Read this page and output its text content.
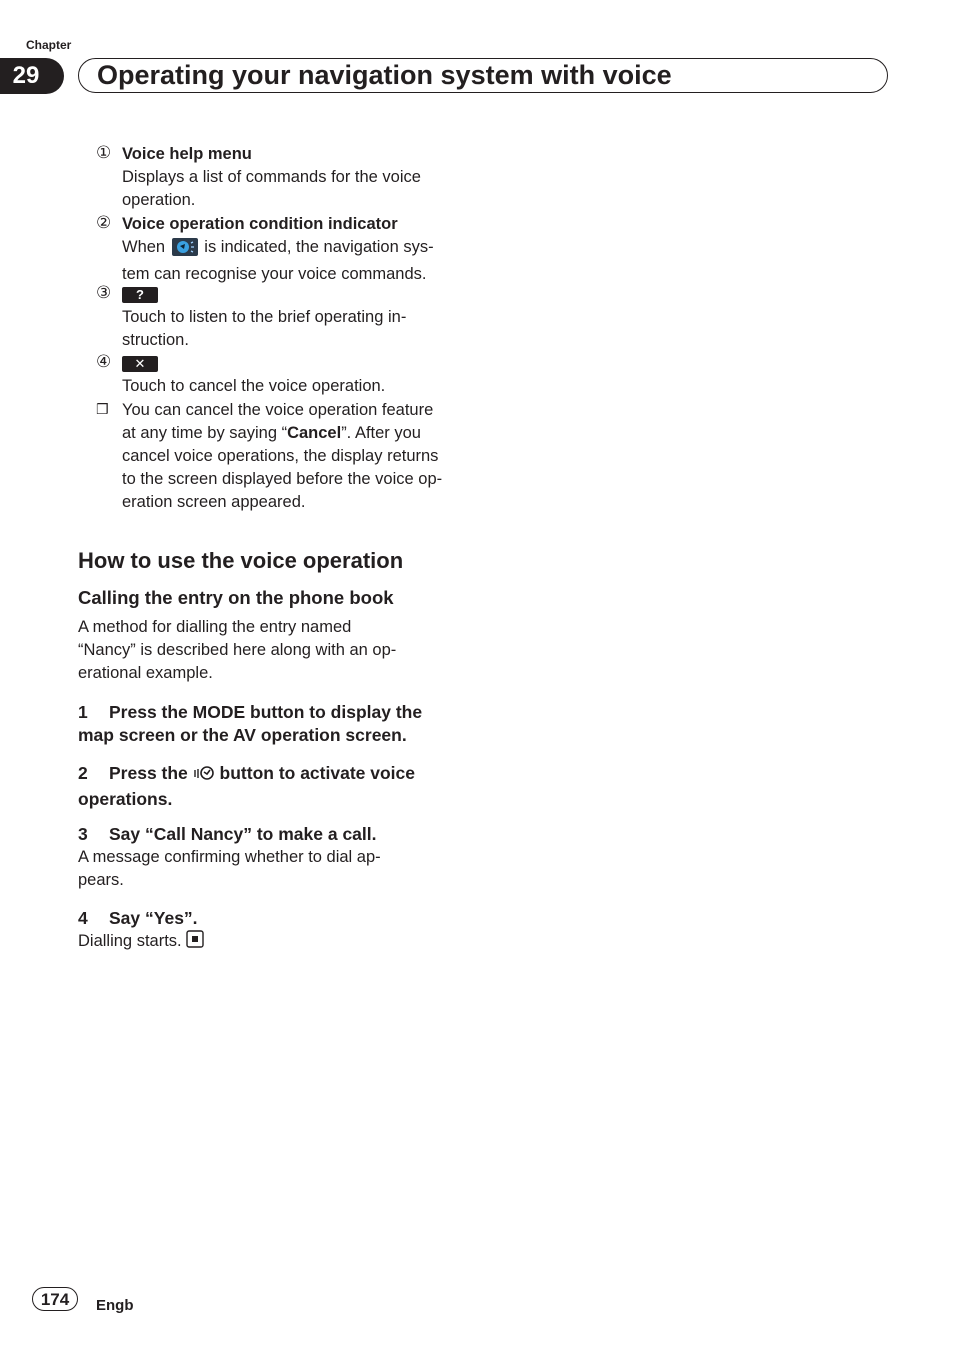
Chapter
29	Operating your navigation system with voice
① Voice help menu
Displays a list of commands for the voice
operation.
② Voice operation condition indicator
When is indicated, the navigation sys-
tem can recognise your voice commands.
③	?
Touch to listen to the brief operating in-
struction.
④	✕
Touch to cancel the voice operation.
❒ You can cancel the voice operation feature
at any time by saying “Cancel”. After you
cancel voice operations, the display returns
to the screen displayed before the voice op-
eration screen appeared.
How to use the voice operation
Calling the entry on the phone book
A method for dialling the entry named
“Nancy” is described here along with an op-
erational example.
1 Press the MODE button to display the
map screen or the AV operation screen.
2 Press the button to activate voice
operations.
3 Say “Call Nancy” to make a call.
A message confirming whether to dial ap-
pears.
4 Say “Yes”.
Dialling starts.
174	Engb
